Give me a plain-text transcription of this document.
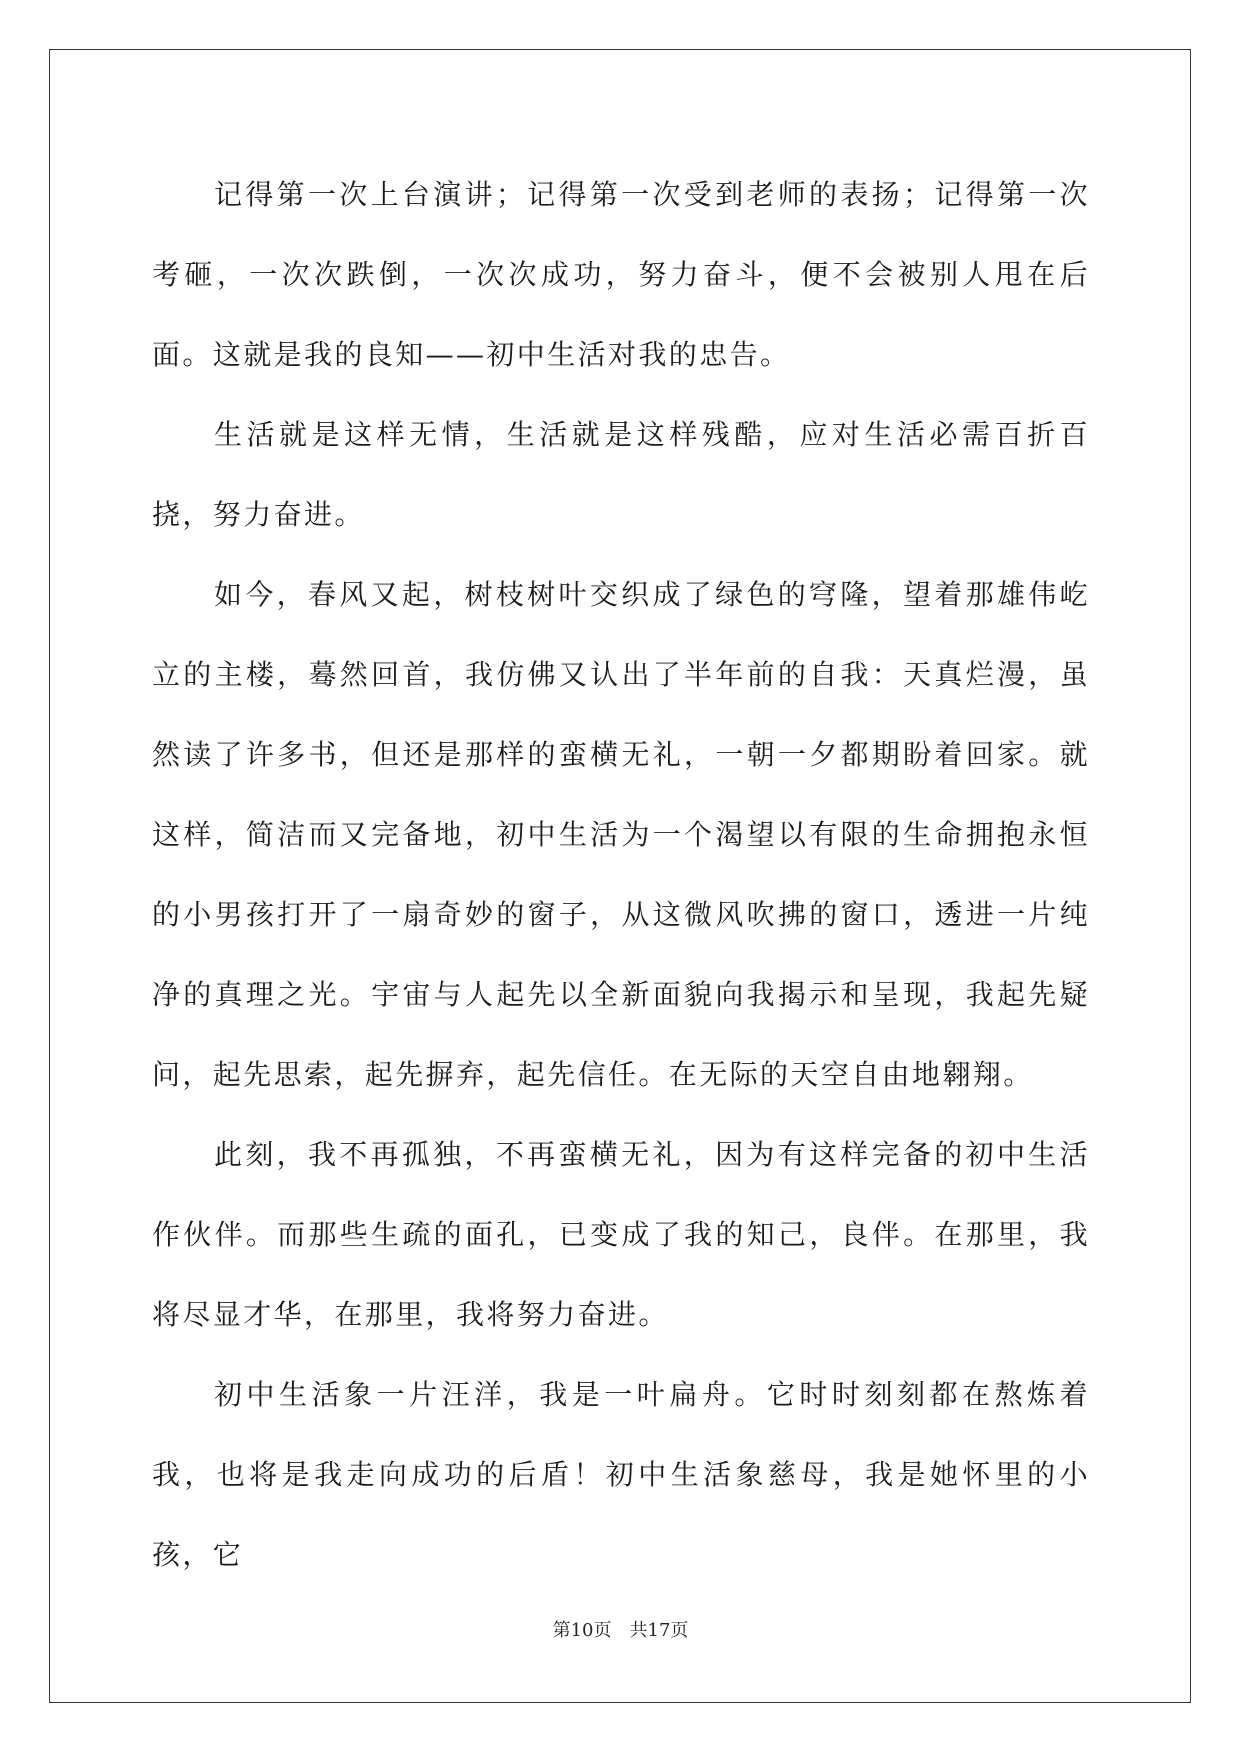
记得第一次上台演讲；记得第一次受到老师的表扬；记得第一次考砸，一次次跌倒，一次次成功，努力奋斗，便不会被别人甩在后面。这就是我的良知——初中生活对我的忠告。

生活就是这样无情，生活就是这样残酷，应对生活必需百折百挠，努力奋进。

如今，春风又起，树枝树叶交织成了绿色的穹隆，望着那雄伟屹立的主楼，蓦然回首，我仿佛又认出了半年前的自我：天真烂漫，虽然读了许多书，但还是那样的蛮横无礼，一朝一夕都期盼着回家。就这样，简洁而又完备地，初中生活为一个渴望以有限的生命拥抱永恒的小男孩打开了一扇奇妙的窗子，从这微风吹拂的窗口，透进一片纯净的真理之光。宇宙与人起先以全新面貌向我揭示和呈现，我起先疑问，起先思索，起先摒弃，起先信任。在无际的天空自由地翱翔。

此刻，我不再孤独，不再蛮横无礼，因为有这样完备的初中生活作伙伴。而那些生疏的面孔，已变成了我的知己，良伴。在那里，我将尽显才华，在那里，我将努力奋进。

初中生活象一片汪洋，我是一叶扁舟。它时时刻刻都在熬炼着我，也将是我走向成功的后盾！初中生活象慈母，我是她怀里的小孩，它

第10页　共17页
